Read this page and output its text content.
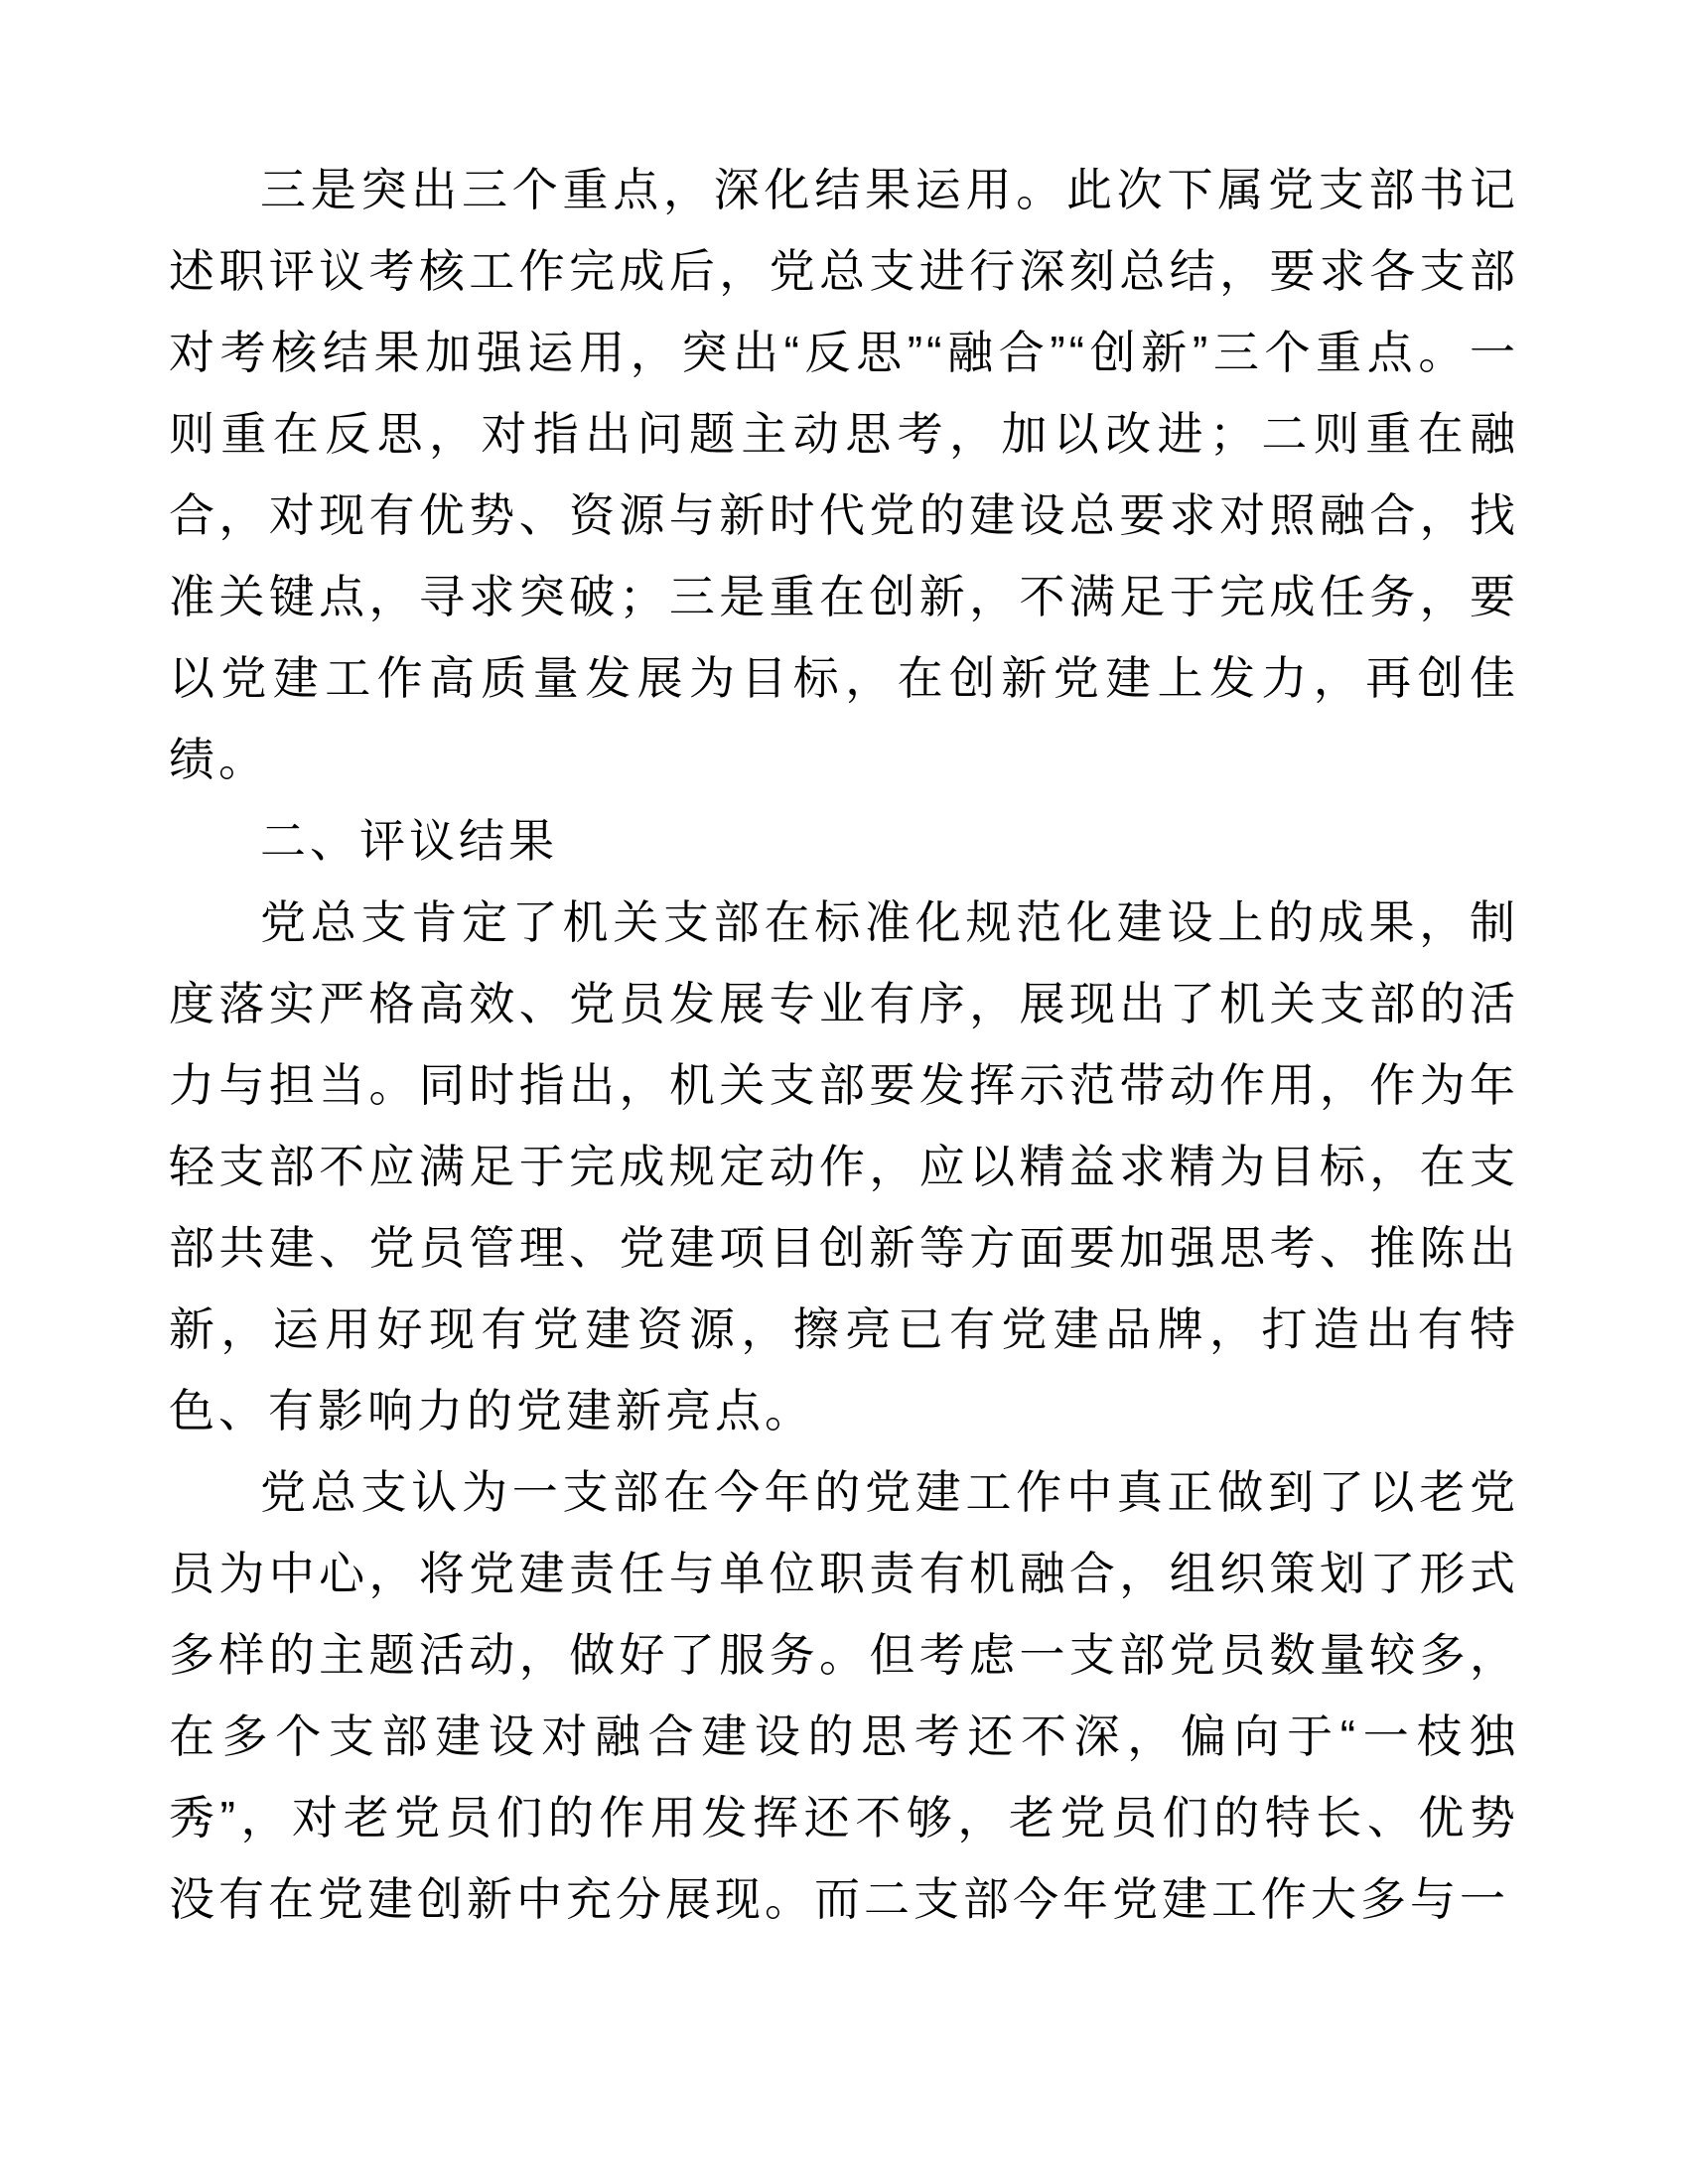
三是突出三个重点，深化结果运用。此次下属党支部书记述职评议考核工作完成后，党总支进行深刻总结，要求各支部对考核结果加强运用，突出“反思”“融合”“创新”三个重点。一则重在反思，对指出问题主动思考，加以改进；二则重在融合，对现有优势、资源与新时代党的建设总要求对照融合，找准关键点，寻求突破；三是重在创新，不满足于完成任务，要以党建工作高质量发展为目标，在创新党建上发力，再创佳绩。

二、评议结果

党总支肯定了机关支部在标准化规范化建设上的成果，制度落实严格高效、党员发展专业有序，展现出了机关支部的活力与担当。同时指出，机关支部要发挥示范带动作用，作为年轻支部不应满足于完成规定动作，应以精益求精为目标，在支部共建、党员管理、党建项目创新等方面要加强思考、推陈出新，运用好现有党建资源，擦亮已有党建品牌，打造出有特色、有影响力的党建新亮点。

党总支认为一支部在今年的党建工作中真正做到了以老党员为中心，将党建责任与单位职责有机融合，组织策划了形式多样的主题活动，做好了服务。但考虑一支部党员数量较多，在多个支部建设对融合建设的思考还不深，偏向于“一枝独秀”，对老党员们的作用发挥还不够，老党员们的特长、优势没有在党建创新中充分展现。而二支部今年党建工作大多与一
